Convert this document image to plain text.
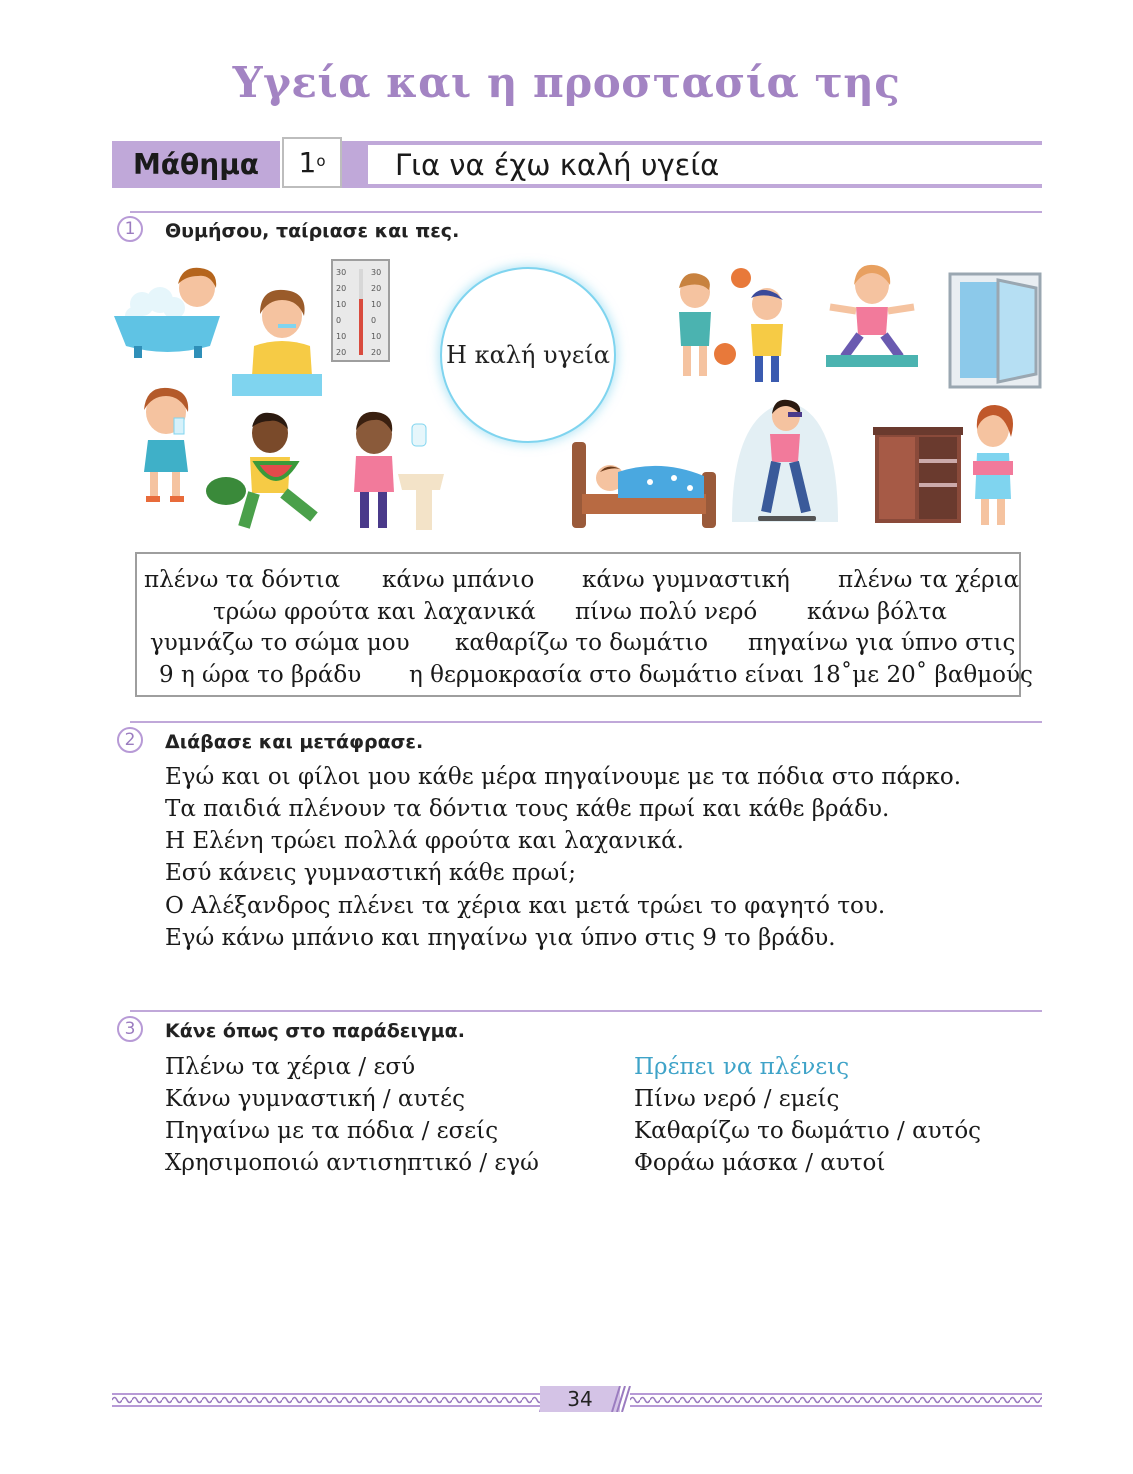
Υγεία και η προστασία της
Μάθημα	$1^o$ Για να έχω καλή υγεία
1	Θυμήσου, ταίριασε και πες.
30
20
10
0
10
20
30
20
10
0
10
20	Η καλή υγεία
πλένω τα δόντια κάνω μπάνιο κάνω γυμναστική πλένω τα χέρια
τρώω φρούτα και λαχανικά πίνω πολύ νερό κάνω βόλτα
γυμνάζω το σώμα μου καθαρίζω το δωμάτιο πηγαίνω για ύπνο στις
9 η ώρα το βράδυ η θερμοκρασία στο δωμάτιο είναι 18˚με 20˚ βαθμούς
2	Διάβασε και μετάφρασε.
Εγώ και οι φίλοι μου κάθε μέρα πηγαίνουμε με τα πόδια στο πάρκο.
Τα παιδιά πλένουν τα δόντια τους κάθε πρωί και κάθε βράδυ.
Η Ελένη τρώει πολλά φρούτα και λαχανικά.
Εσύ κάνεις γυμναστική κάθε πρωί;
Ο Αλέξανδρος πλένει τα χέρια και μετά τρώει το φαγητό του.
Εγώ κάνω μπάνιο και πηγαίνω για ύπνο στις 9 το βράδυ.
3	Κάνε όπως στο παράδειγμα.
Πλένω τα χέρια / εσύ
Κάνω γυμναστική / αυτές
Πηγαίνω με τα πόδια / εσείς
Χρησιμοποιώ αντισηπτικό / εγώ
Πρέπει να πλένεις
Πίνω νερό / εμείς
Καθαρίζω το δωμάτιο / αυτός
Φοράω μάσκα / αυτοί
34
